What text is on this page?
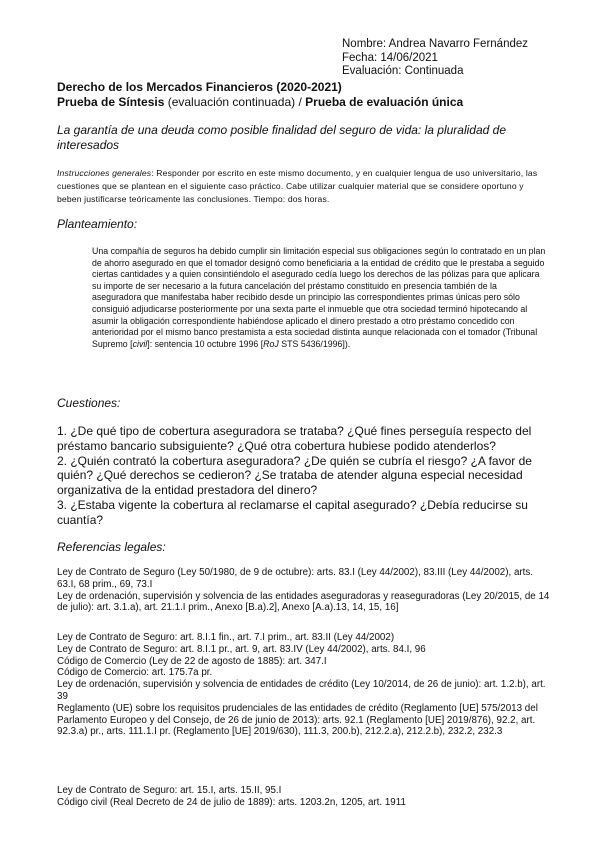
Nombre: Andrea Navarro Fernández
Fecha: 14/06/2021
Evaluación: Continuada
Derecho de los Mercados Financieros (2020-2021)
Prueba de Síntesis (evaluación continuada) / Prueba de evaluación única
La garantía de una deuda como posible finalidad del seguro de vida: la pluralidad de interesados
Instrucciones generales: Responder por escrito en este mismo documento, y en cualquier lengua de uso universitario, las cuestiones que se plantean en el siguiente caso práctico. Cabe utilizar cualquier material que se considere oportuno y beben justificarse teóricamente las conclusiones. Tiempo: dos horas.
Planteamiento:
Una compañía de seguros ha debido cumplir sin limitación especial sus obligaciones según lo contratado en un plan de ahorro asegurado en que el tomador designó como beneficiaria a la entidad de crédito que le prestaba a seguido ciertas cantidades y a quien consintiéndolo el asegurado cedía luego los derechos de las pólizas para que aplicara su importe de ser necesario a la futura cancelación del préstamo constituido en presencia también de la aseguradora que manifestaba haber recibido desde un principio las correspondientes primas únicas pero sólo consiguió adjudicarse posteriormente por una sexta parte el inmueble que otra sociedad terminó hipotecando al asumir la obligación correspondiente habiéndose aplicado el dinero prestado a otro préstamo concedido con anterioridad por el mismo banco prestamista a esta sociedad distinta aunque relacionada con el tomador (Tribunal Supremo [civil]: sentencia 10 octubre 1996 [RoJ STS 5436/1996]).
Cuestiones:
1. ¿De qué tipo de cobertura aseguradora se trataba? ¿Qué fines perseguía respecto del préstamo bancario subsiguiente? ¿Qué otra cobertura hubiese podido atenderlos?
2. ¿Quién contrató la cobertura aseguradora? ¿De quién se cubría el riesgo? ¿A favor de quién? ¿Qué derechos se cedieron? ¿Se trataba de atender alguna especial necesidad organizativa de la entidad prestadora del dinero?
3. ¿Estaba vigente la cobertura al reclamarse el capital asegurado? ¿Debía reducirse su cuantía?
Referencias legales:
Ley de Contrato de Seguro (Ley 50/1980, de 9 de octubre): arts. 83.I (Ley 44/2002), 83.III (Ley 44/2002), arts. 63.I, 68 prim., 69, 73.I
Ley de ordenación, supervisión y solvencia de las entidades aseguradoras y reaseguradoras (Ley 20/2015, de 14 de julio): art. 3.1.a), art. 21.1.I prim., Anexo [B.a).2], Anexo [A.a).13, 14, 15, 16]
Ley de Contrato de Seguro: art. 8.I.1 fin., art. 7.I prim., art. 83.II (Ley 44/2002)
Ley de Contrato de Seguro: art. 8.I.1 pr., art. 9, art. 83.IV (Ley 44/2002), arts. 84.I, 96
Código de Comercio (Ley de 22 de agosto de 1885): art. 347.I
Código de Comercio: art. 175.7a pr.
Ley de ordenación, supervisión y solvencia de entidades de crédito (Ley 10/2014, de 26 de junio): art. 1.2.b), art. 39
Reglamento (UE) sobre los requisitos prudenciales de las entidades de crédito (Reglamento [UE] 575/2013 del Parlamento Europeo y del Consejo, de 26 de junio de 2013): arts. 92.1 (Reglamento [UE] 2019/876), 92.2, art. 92.3.a) pr., arts. 111.1.I pr. (Reglamento [UE] 2019/630), 111.3, 200.b), 212.2.a), 212.2.b), 232.2, 232.3
Ley de Contrato de Seguro: art. 15.I, arts. 15.II, 95.I
Código civil (Real Decreto de 24 de julio de 1889): arts. 1203.2n, 1205, art. 1911
